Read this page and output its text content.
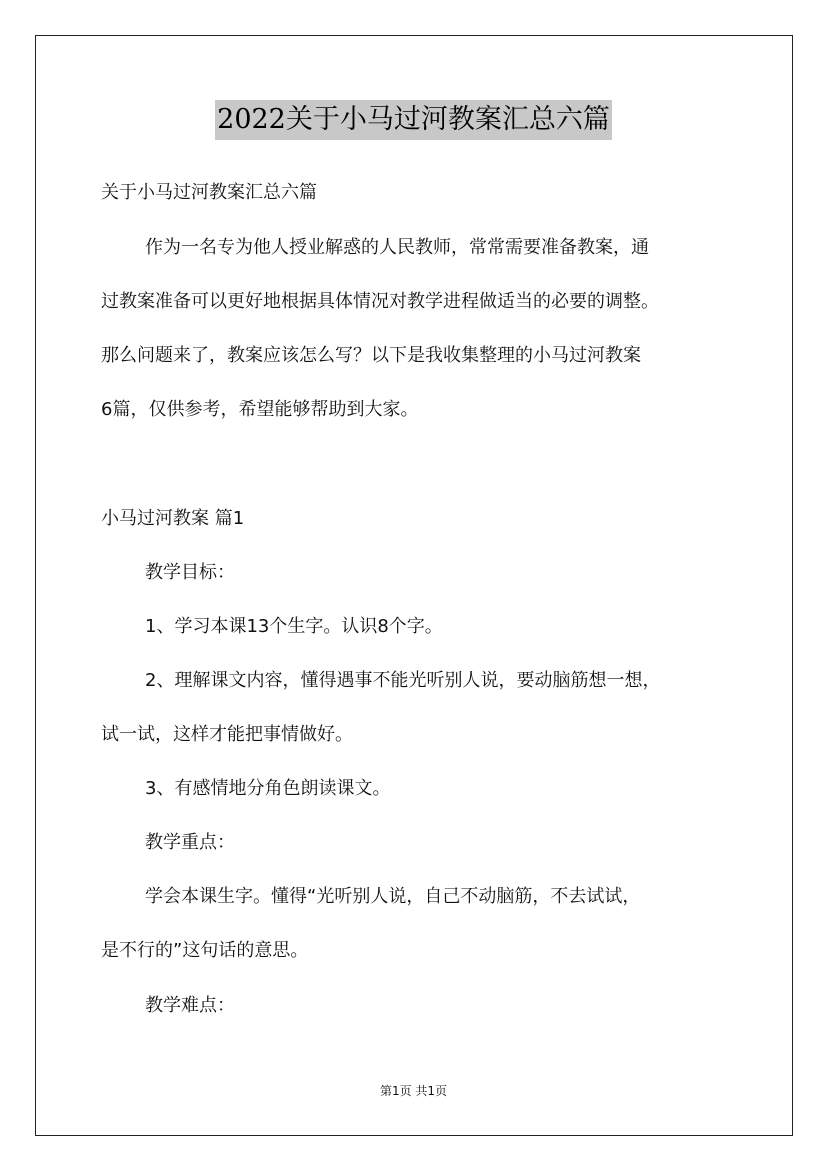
2022关于小马过河教案汇总六篇
关于小马过河教案汇总六篇
作为一名专为他人授业解惑的人民教师，常常需要准备教案，通
过教案准备可以更好地根据具体情况对教学进程做适当的必要的调整。
那么问题来了，教案应该怎么写？以下是我收集整理的小马过河教案
6篇，仅供参考，希望能够帮助到大家。
小马过河教案 篇1
教学目标：
1、学习本课13个生字。认识8个字。
2、理解课文内容，懂得遇事不能光听别人说，要动脑筋想一想，
试一试，这样才能把事情做好。
3、有感情地分角色朗读课文。
教学重点：
学会本课生字。懂得“光听别人说，自己不动脑筋，不去试试，
是不行的”这句话的意思。
教学难点：
第1页 共1页
